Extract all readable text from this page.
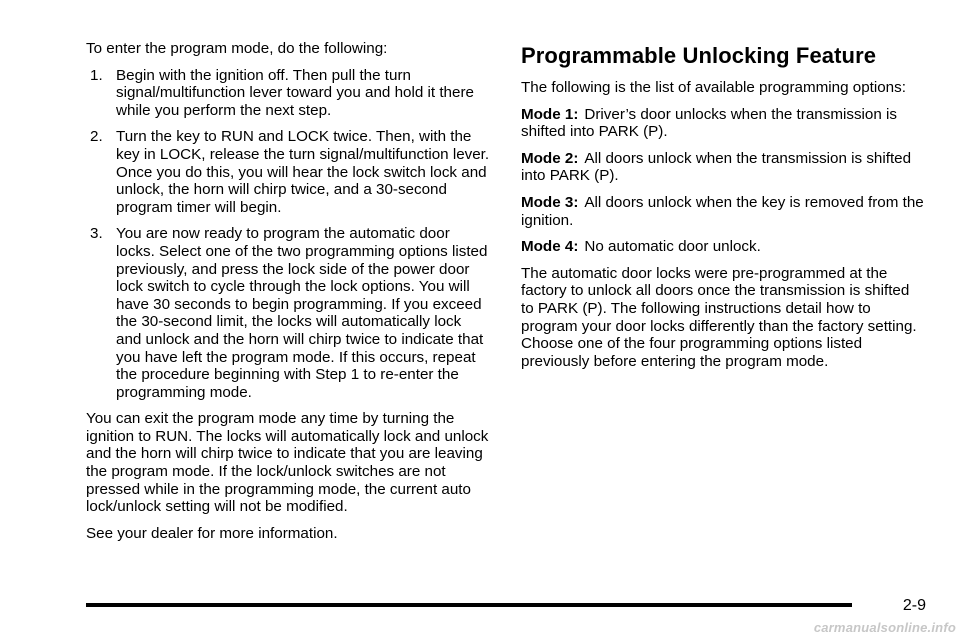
To enter the program mode, do the following:

1. Begin with the ignition off. Then pull the turn signal/multifunction lever toward you and hold it there while you perform the next step.
2. Turn the key to RUN and LOCK twice. Then, with the key in LOCK, release the turn signal/multifunction lever. Once you do this, you will hear the lock switch lock and unlock, the horn will chirp twice, and a 30-second program timer will begin.
3. You are now ready to program the automatic door locks. Select one of the two programming options listed previously, and press the lock side of the power door lock switch to cycle through the lock options. You will have 30 seconds to begin programming. If you exceed the 30-second limit, the locks will automatically lock and unlock and the horn will chirp twice to indicate that you have left the program mode. If this occurs, repeat the procedure beginning with Step 1 to re-enter the programming mode.

You can exit the program mode any time by turning the ignition to RUN. The locks will automatically lock and unlock and the horn will chirp twice to indicate that you are leaving the program mode. If the lock/unlock switches are not pressed while in the programming mode, the current auto lock/unlock setting will not be modified.

See your dealer for more information.

Programmable Unlocking Feature

The following is the list of available programming options:

Mode 1: Driver’s door unlocks when the transmission is shifted into PARK (P).

Mode 2: All doors unlock when the transmission is shifted into PARK (P).

Mode 3: All doors unlock when the key is removed from the ignition.

Mode 4: No automatic door unlock.

The automatic door locks were pre-programmed at the factory to unlock all doors once the transmission is shifted to PARK (P). The following instructions detail how to program your door locks differently than the factory setting. Choose one of the four programming options listed previously before entering the program mode.

2-9
carmanualsonline.info
